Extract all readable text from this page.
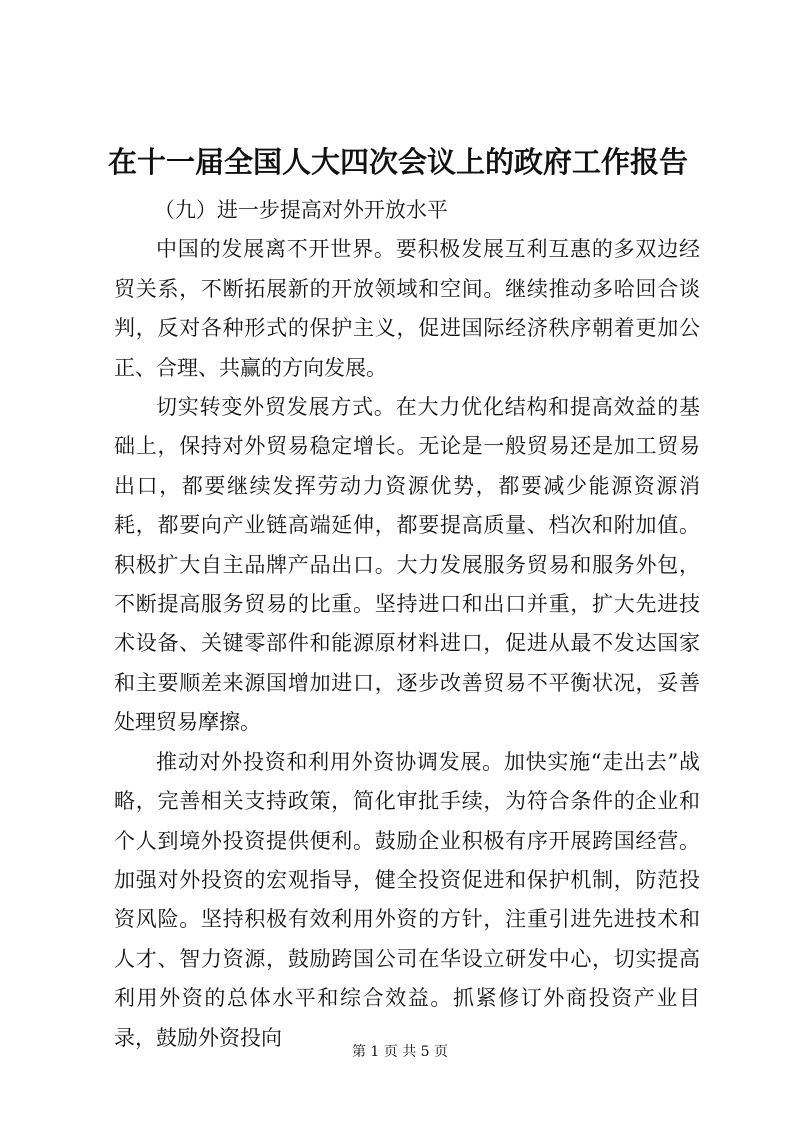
在十一届全国人大四次会议上的政府工作报告

（九）进一步提高对外开放水平

中国的发展离不开世界。要积极发展互利互惠的多双边经贸关系，不断拓展新的开放领域和空间。继续推动多哈回合谈判，反对各种形式的保护主义，促进国际经济秩序朝着更加公正、合理、共赢的方向发展。

切实转变外贸发展方式。在大力优化结构和提高效益的基础上，保持对外贸易稳定增长。无论是一般贸易还是加工贸易出口，都要继续发挥劳动力资源优势，都要减少能源资源消耗，都要向产业链高端延伸，都要提高质量、档次和附加值。积极扩大自主品牌产品出口。大力发展服务贸易和服务外包，不断提高服务贸易的比重。坚持进口和出口并重，扩大先进技术设备、关键零部件和能源原材料进口，促进从最不发达国家和主要顺差来源国增加进口，逐步改善贸易不平衡状况，妥善处理贸易摩擦。

推动对外投资和利用外资协调发展。加快实施“走出去”战略，完善相关支持政策，简化审批手续，为符合条件的企业和个人到境外投资提供便利。鼓励企业积极有序开展跨国经营。加强对外投资的宏观指导，健全投资促进和保护机制，防范投资风险。坚持积极有效利用外资的方针，注重引进先进技术和人才、智力资源，鼓励跨国公司在华设立研发中心，切实提高利用外资的总体水平和综合效益。抓紧修订外商投资产业目录，鼓励外资投向

第 1 页 共 5 页
